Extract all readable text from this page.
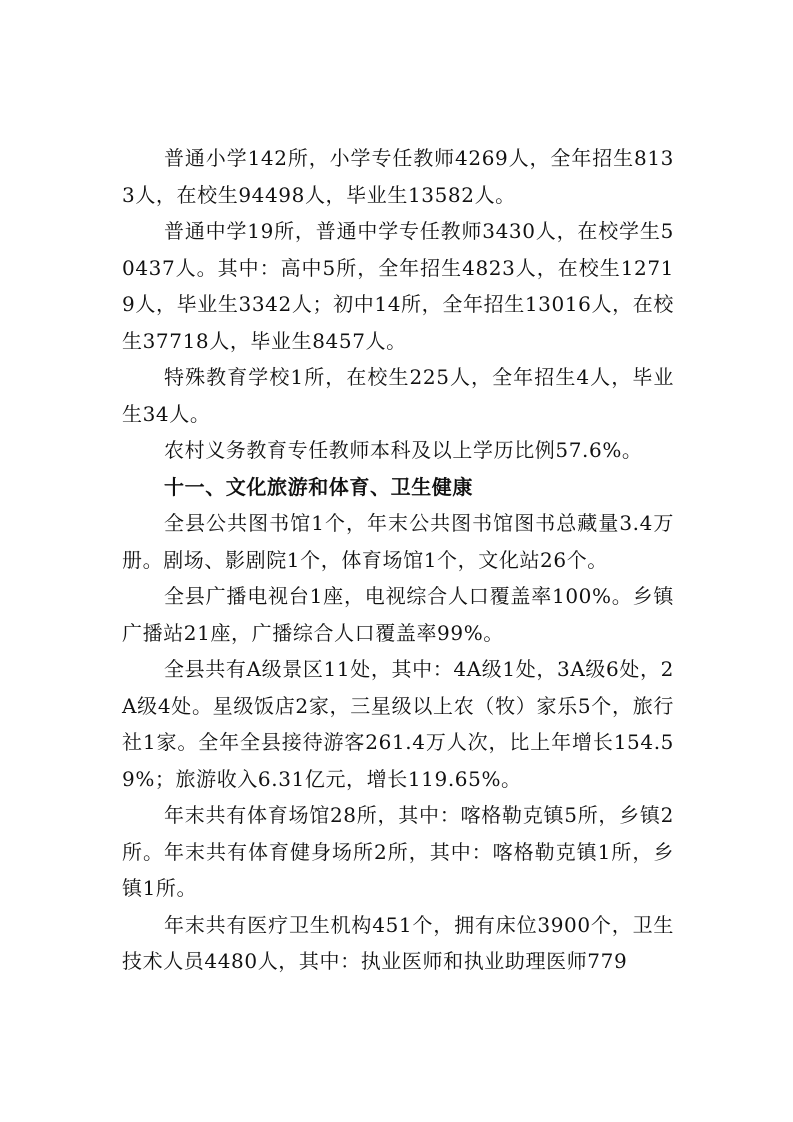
普通小学142所，小学专任教师4269人，全年招生8133人，在校生94498人，毕业生13582人。

普通中学19所，普通中学专任教师3430人，在校学生50437人。其中：高中5所，全年招生4823人，在校生12719人，毕业生3342人；初中14所，全年招生13016人，在校生37718人，毕业生8457人。

特殊教育学校1所，在校生225人，全年招生4人，毕业生34人。

农村义务教育专任教师本科及以上学历比例57.6%。

十一、文化旅游和体育、卫生健康

全县公共图书馆1个，年末公共图书馆图书总藏量3.4万册。剧场、影剧院1个，体育场馆1个，文化站26个。

全县广播电视台1座，电视综合人口覆盖率100%。乡镇广播站21座，广播综合人口覆盖率99%。

全县共有A级景区11处，其中：4A级1处，3A级6处，2A级4处。星级饭店2家，三星级以上农（牧）家乐5个，旅行社1家。全年全县接待游客261.4万人次，比上年增长154.59%；旅游收入6.31亿元，增长119.65%。

年末共有体育场馆28所，其中：喀格勒克镇5所，乡镇2所。年末共有体育健身场所2所，其中：喀格勒克镇1所，乡镇1所。

年末共有医疗卫生机构451个，拥有床位3900个，卫生技术人员4480人，其中：执业医师和执业助理医师779
